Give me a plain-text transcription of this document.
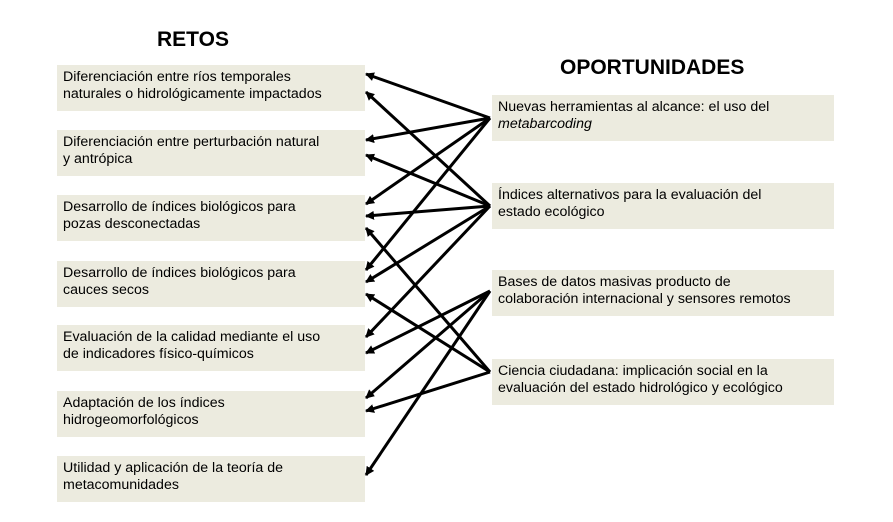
RETOS
OPORTUNIDADES
Diferenciación entre ríos temporales
naturales o hidrológicamente impactados
Diferenciación entre perturbación natural
y antrópica
Desarrollo de índices biológicos para
pozas desconectadas
Desarrollo de índices biológicos para
cauces secos
Evaluación de la calidad mediante el uso
de indicadores físico-químicos
Adaptación de los índices
hidrogeomorfológicos
Utilidad y aplicación de la teoría de
metacomunidades
Nuevas herramientas al alcance: el uso del
metabarcoding
Índices alternativos para la evaluación del
estado ecológico
Bases de datos masivas producto de
colaboración internacional y sensores remotos
Ciencia ciudadana: implicación social en la
evaluación del estado hidrológico y ecológico
